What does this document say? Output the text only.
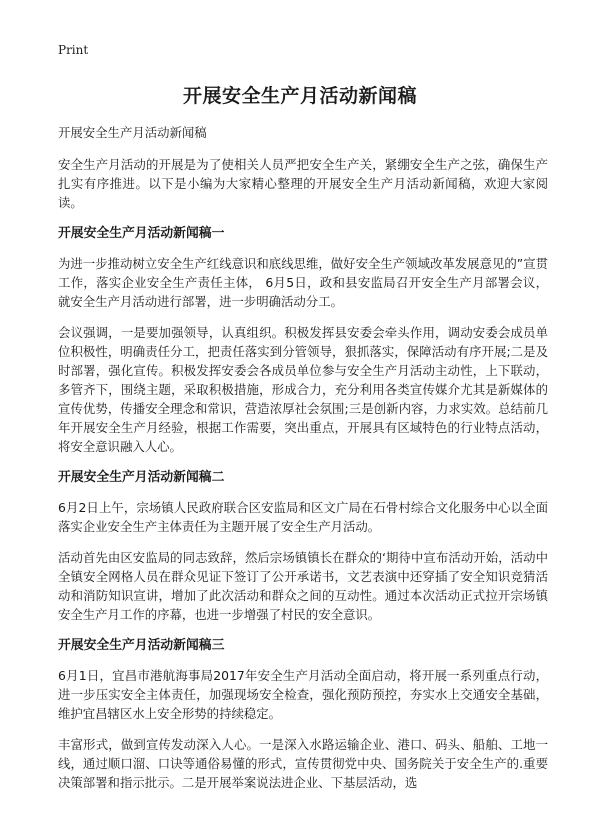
Print
开展安全生产月活动新闻稿

开展安全生产月活动新闻稿

安全生产月活动的开展是为了使相关人员严把安全生产关，紧绷安全生产之弦，确保生产扎实有序推进。以下是小编为大家精心整理的开展安全生产月活动新闻稿，欢迎大家阅读。

开展安全生产月活动新闻稿一

为进一步推动树立安全生产红线意识和底线思维，做好安全生产领域改革发展意见的”宣贯工作，落实企业安全生产责任主体， 6月5日，政和县安监局召开安全生产月部署会议，就安全生产月活动进行部署，进一步明确活动分工。

会议强调，一是要加强领导，认真组织。积极发挥县安委会牵头作用，调动安委会成员单位积极性，明确责任分工，把责任落实到分管领导，狠抓落实，保障活动有序开展;二是及时部署，强化宣传。积极发挥安委会各成员单位参与安全生产月活动主动性，上下联动，多管齐下，围绕主题，采取积极措施，形成合力，充分利用各类宣传媒介尤其是新媒体的宣传优势，传播安全理念和常识，营造浓厚社会氛围;三是创新内容，力求实效。总结前几年开展安全生产月经验，根据工作需要，突出重点，开展具有区域特色的行业特点活动，将安全意识融入人心。

开展安全生产月活动新闻稿二

6月2日上午，宗场镇人民政府联合区安监局和区文广局在石骨村综合文化服务中心以全面落实企业安全生产主体责任为主题开展了安全生产月活动。

活动首先由区安监局的同志致辞，然后宗场镇镇长在群众的‘期待中宣布活动开始，活动中全镇安全网格人员在群众见证下签订了公开承诺书，文艺表演中还穿插了安全知识竞猜活动和消防知识宣讲，增加了此次活动和群众之间的互动性。通过本次活动正式拉开宗场镇安全生产月工作的序幕，也进一步增强了村民的安全意识。

开展安全生产月活动新闻稿三

6月1日，宜昌市港航海事局2017年安全生产月活动全面启动，将开展一系列重点行动，进一步压实安全主体责任，加强现场安全检查，强化预防预控，夯实水上交通安全基础，维护宜昌辖区水上安全形势的持续稳定。

丰富形式，做到宣传发动深入人心。一是深入水路运输企业、港口、码头、船舶、工地一线，通过顺口溜、口诀等通俗易懂的形式，宣传贯彻党中央、国务院关于安全生产的.重要决策部署和指示批示。二是开展举案说法进企业、下基层活动，选
